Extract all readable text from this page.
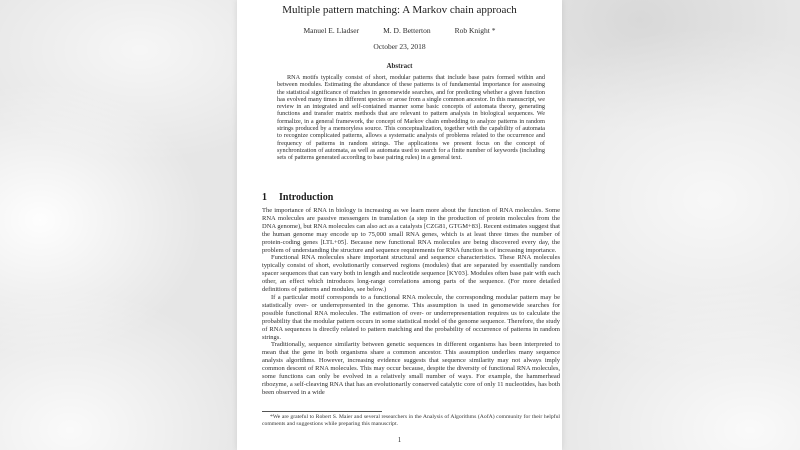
Multiple pattern matching: A Markov chain approach
Manuel E. Lladser	M. D. Betterton	Rob Knight *
October 23, 2018
Abstract
RNA motifs typically consist of short, modular patterns that include base pairs formed within and between modules. Estimating the abundance of these patterns is of fundamental importance for assessing the statistical significance of matches in genomewide searches, and for predicting whether a given function has evolved many times in different species or arose from a single common ancestor. In this manuscript, we review in an integrated and self-contained manner some basic concepts of automata theory, generating functions and transfer matrix methods that are relevant to pattern analysis in biological sequences. We formalize, in a general framework, the concept of Markov chain embedding to analyze patterns in random strings produced by a memoryless source. This conceptualization, together with the capability of automata to recognize complicated patterns, allows a systematic analysis of problems related to the occurrence and frequency of patterns in random strings. The applications we present focus on the concept of synchronization of automata, as well as automata used to search for a finite number of keywords (including sets of patterns generated according to base pairing rules) in a general text.
1 Introduction

The importance of RNA in biology is increasing as we learn more about the function of RNA molecules. Some RNA molecules are passive messengers in translation (a step in the production of protein molecules from the DNA genome), but RNA molecules can also act as a catalysts [CZG81, GTGM+83]. Recent estimates suggest that the human genome may encode up to 75,000 small RNA genes, which is at least three times the number of protein-coding genes [LTL+05]. Because new functional RNA molecules are being discovered every day, the problem of understanding the structure and sequence requirements for RNA function is of increasing importance.

Functional RNA molecules share important structural and sequence characteristics. These RNA molecules typically consist of short, evolutionarily conserved regions (modules) that are separated by essentially random spacer sequences that can vary both in length and nucleotide sequence [KY03]. Modules often base pair with each other, an effect which introduces long-range correlations among parts of the sequence. (For more detailed definitions of patterns and modules, see below.)

If a particular motif corresponds to a functional RNA molecule, the corresponding modular pattern may be statistically over- or underrepresented in the genome. This assumption is used in genomewide searches for possible functional RNA molecules. The estimation of over- or underrepresentation requires us to calculate the probability that the modular pattern occurs in some statistical model of the genome sequence. Therefore, the study of RNA sequences is directly related to pattern matching and the probability of occurrence of patterns in random strings.

Traditionally, sequence similarity between genetic sequences in different organisms has been interpreted to mean that the gene in both organisms share a common ancestor. This assumption underlies many sequence analysis algorithms. However, increasing evidence suggests that sequence similarity may not always imply common descent of RNA molecules. This may occur because, despite the diversity of functional RNA molecules, some functions can only be evolved in a relatively small number of ways. For example, the hammerhead ribozyme, a self-cleaving RNA that has an evolutionarily conserved catalytic core of only 11 nucleotides, has both been observed in a wide

*We are grateful to Robert S. Maier and several researchers in the Analysis of Algorithms (AofA) community for their helpful comments and suggestions while preparing this manuscript.
1
